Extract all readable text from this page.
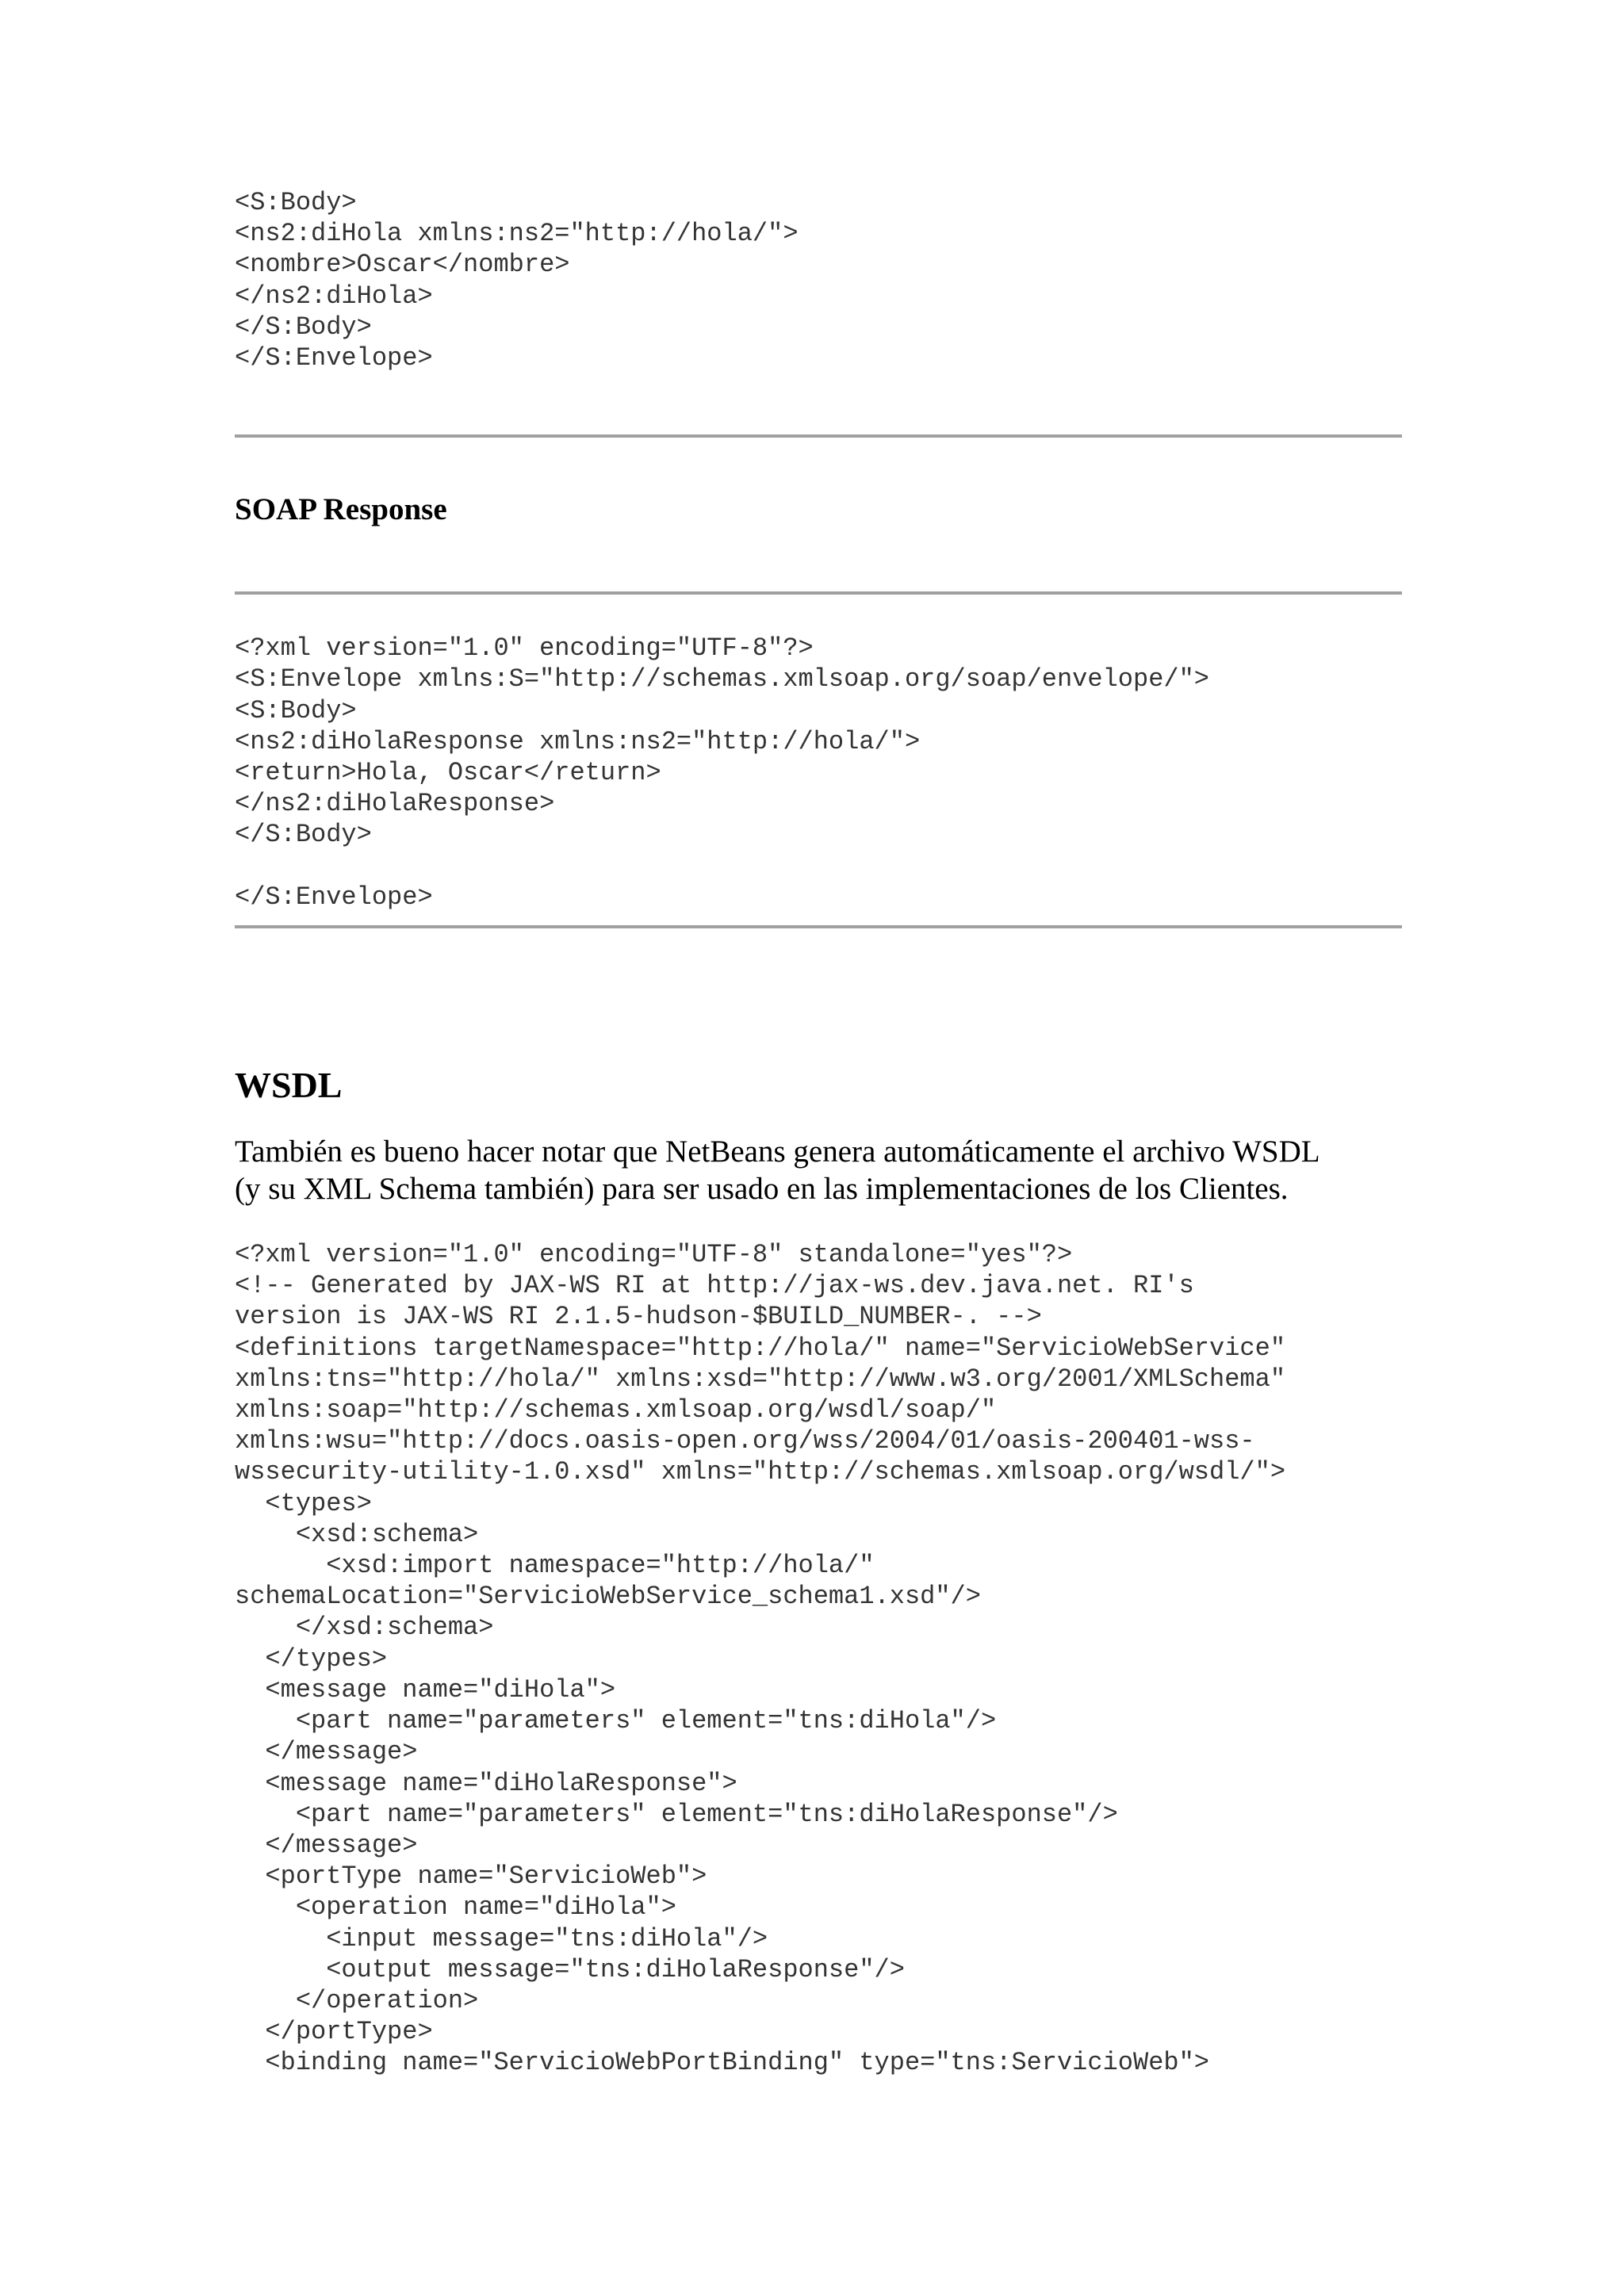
<S:Body>
<ns2:diHola xmlns:ns2="http://hola/">
<nombre>Oscar</nombre>
</ns2:diHola>
</S:Body>
</S:Envelope>
SOAP Response
<?xml version="1.0" encoding="UTF-8"?>
<S:Envelope xmlns:S="http://schemas.xmlsoap.org/soap/envelope/">
<S:Body>
<ns2:diHolaResponse xmlns:ns2="http://hola/">
<return>Hola, Oscar</return>
</ns2:diHolaResponse>
</S:Body>

</S:Envelope>
WSDL

También es bueno hacer notar que NetBeans genera automáticamente el archivo WSDL
(y su XML Schema también) para ser usado en las implementaciones de los Clientes.

<?xml version="1.0" encoding="UTF-8" standalone="yes"?>
<!-- Generated by JAX-WS RI at http://jax-ws.dev.java.net. RI's
version is JAX-WS RI 2.1.5-hudson-$BUILD_NUMBER-. -->
<definitions targetNamespace="http://hola/" name="ServicioWebService"
xmlns:tns="http://hola/" xmlns:xsd="http://www.w3.org/2001/XMLSchema"
xmlns:soap="http://schemas.xmlsoap.org/wsdl/soap/"
xmlns:wsu="http://docs.oasis-open.org/wss/2004/01/oasis-200401-wss-
wssecurity-utility-1.0.xsd" xmlns="http://schemas.xmlsoap.org/wsdl/">
<types>
<xsd:schema>
<xsd:import namespace="http://hola/"
schemaLocation="ServicioWebService_schema1.xsd"/>
</xsd:schema>
</types>
<message name="diHola">
<part name="parameters" element="tns:diHola"/>
</message>
<message name="diHolaResponse">
<part name="parameters" element="tns:diHolaResponse"/>
</message>
<portType name="ServicioWeb">
<operation name="diHola">
<input message="tns:diHola"/>
<output message="tns:diHolaResponse"/>
</operation>
</portType>
<binding name="ServicioWebPortBinding" type="tns:ServicioWeb">
